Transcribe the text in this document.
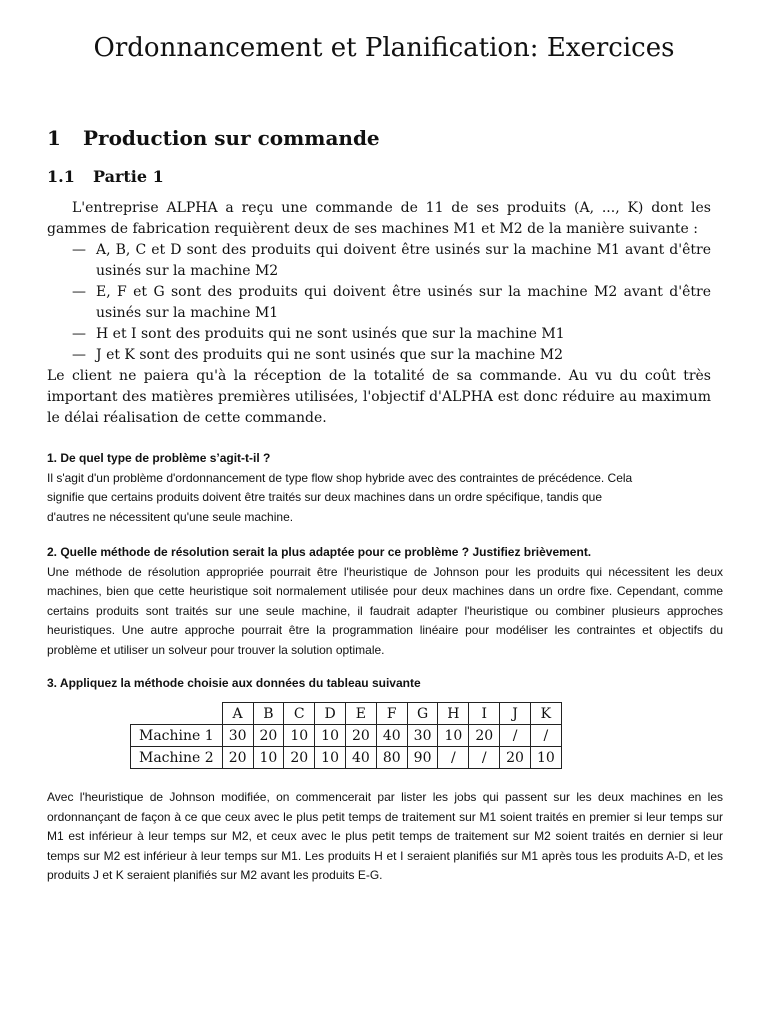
Ordonnancement et Planification: Exercices
1 Production sur commande
1.1 Partie 1

L'entreprise ALPHA a reçu une commande de 11 de ses produits (A, ..., K) dont les gammes de fabrication requièrent deux de ses machines M1 et M2 de la manière suivante :

— A, B, C et D sont des produits qui doivent être usinés sur la machine M1 avant d'être usinés sur la machine M2
— E, F et G sont des produits qui doivent être usinés sur la machine M2 avant d'être usinés sur la machine M1
— H et I sont des produits qui ne sont usinés que sur la machine M1
— J et K sont des produits qui ne sont usinés que sur la machine M2

Le client ne paiera qu'à la réception de la totalité de sa commande. Au vu du coût très important des matières premières utilisées, l'objectif d'ALPHA est donc réduire au maximum le délai réalisation de cette commande.

1. De quel type de problème s’agit-t-il ?

Il s'agit d'un problème d'ordonnancement de type flow shop hybride avec des contraintes de précédence. Cela signifie que certains produits doivent être traités sur deux machines dans un ordre spécifique, tandis que d'autres ne nécessitent qu'une seule machine.

2. Quelle méthode de résolution serait la plus adaptée pour ce problème ? Justifiez brièvement.

Une méthode de résolution appropriée pourrait être l'heuristique de Johnson pour les produits qui nécessitent les deux machines, bien que cette heuristique soit normalement utilisée pour deux machines dans un ordre fixe. Cependant, comme certains produits sont traités sur une seule machine, il faudrait adapter l'heuristique ou combiner plusieurs approches heuristiques. Une autre approche pourrait être la programmation linéaire pour modéliser les contraintes et objectifs du problème et utiliser un solveur pour trouver la solution optimale.

3. Appliquez la méthode choisie aux données du tableau suivante

	A	B	C	D	E	F	G	H	I	J	K
Machine 1	30	20	10	10	20	40	30	10	20	/	/
Machine 2	20	10	20	10	40	80	90	/	/	20	10

Avec l'heuristique de Johnson modifiée, on commencerait par lister les jobs qui passent sur les deux machines en les ordonnançant de façon à ce que ceux avec le plus petit temps de traitement sur M1 soient traités en premier si leur temps sur M1 est inférieur à leur temps sur M2, et ceux avec le plus petit temps de traitement sur M2 soient traités en dernier si leur temps sur M2 est inférieur à leur temps sur M1. Les produits H et I seraient planifiés sur M1 après tous les produits A-D, et les produits J et K seraient planifiés sur M2 avant les produits E-G.
